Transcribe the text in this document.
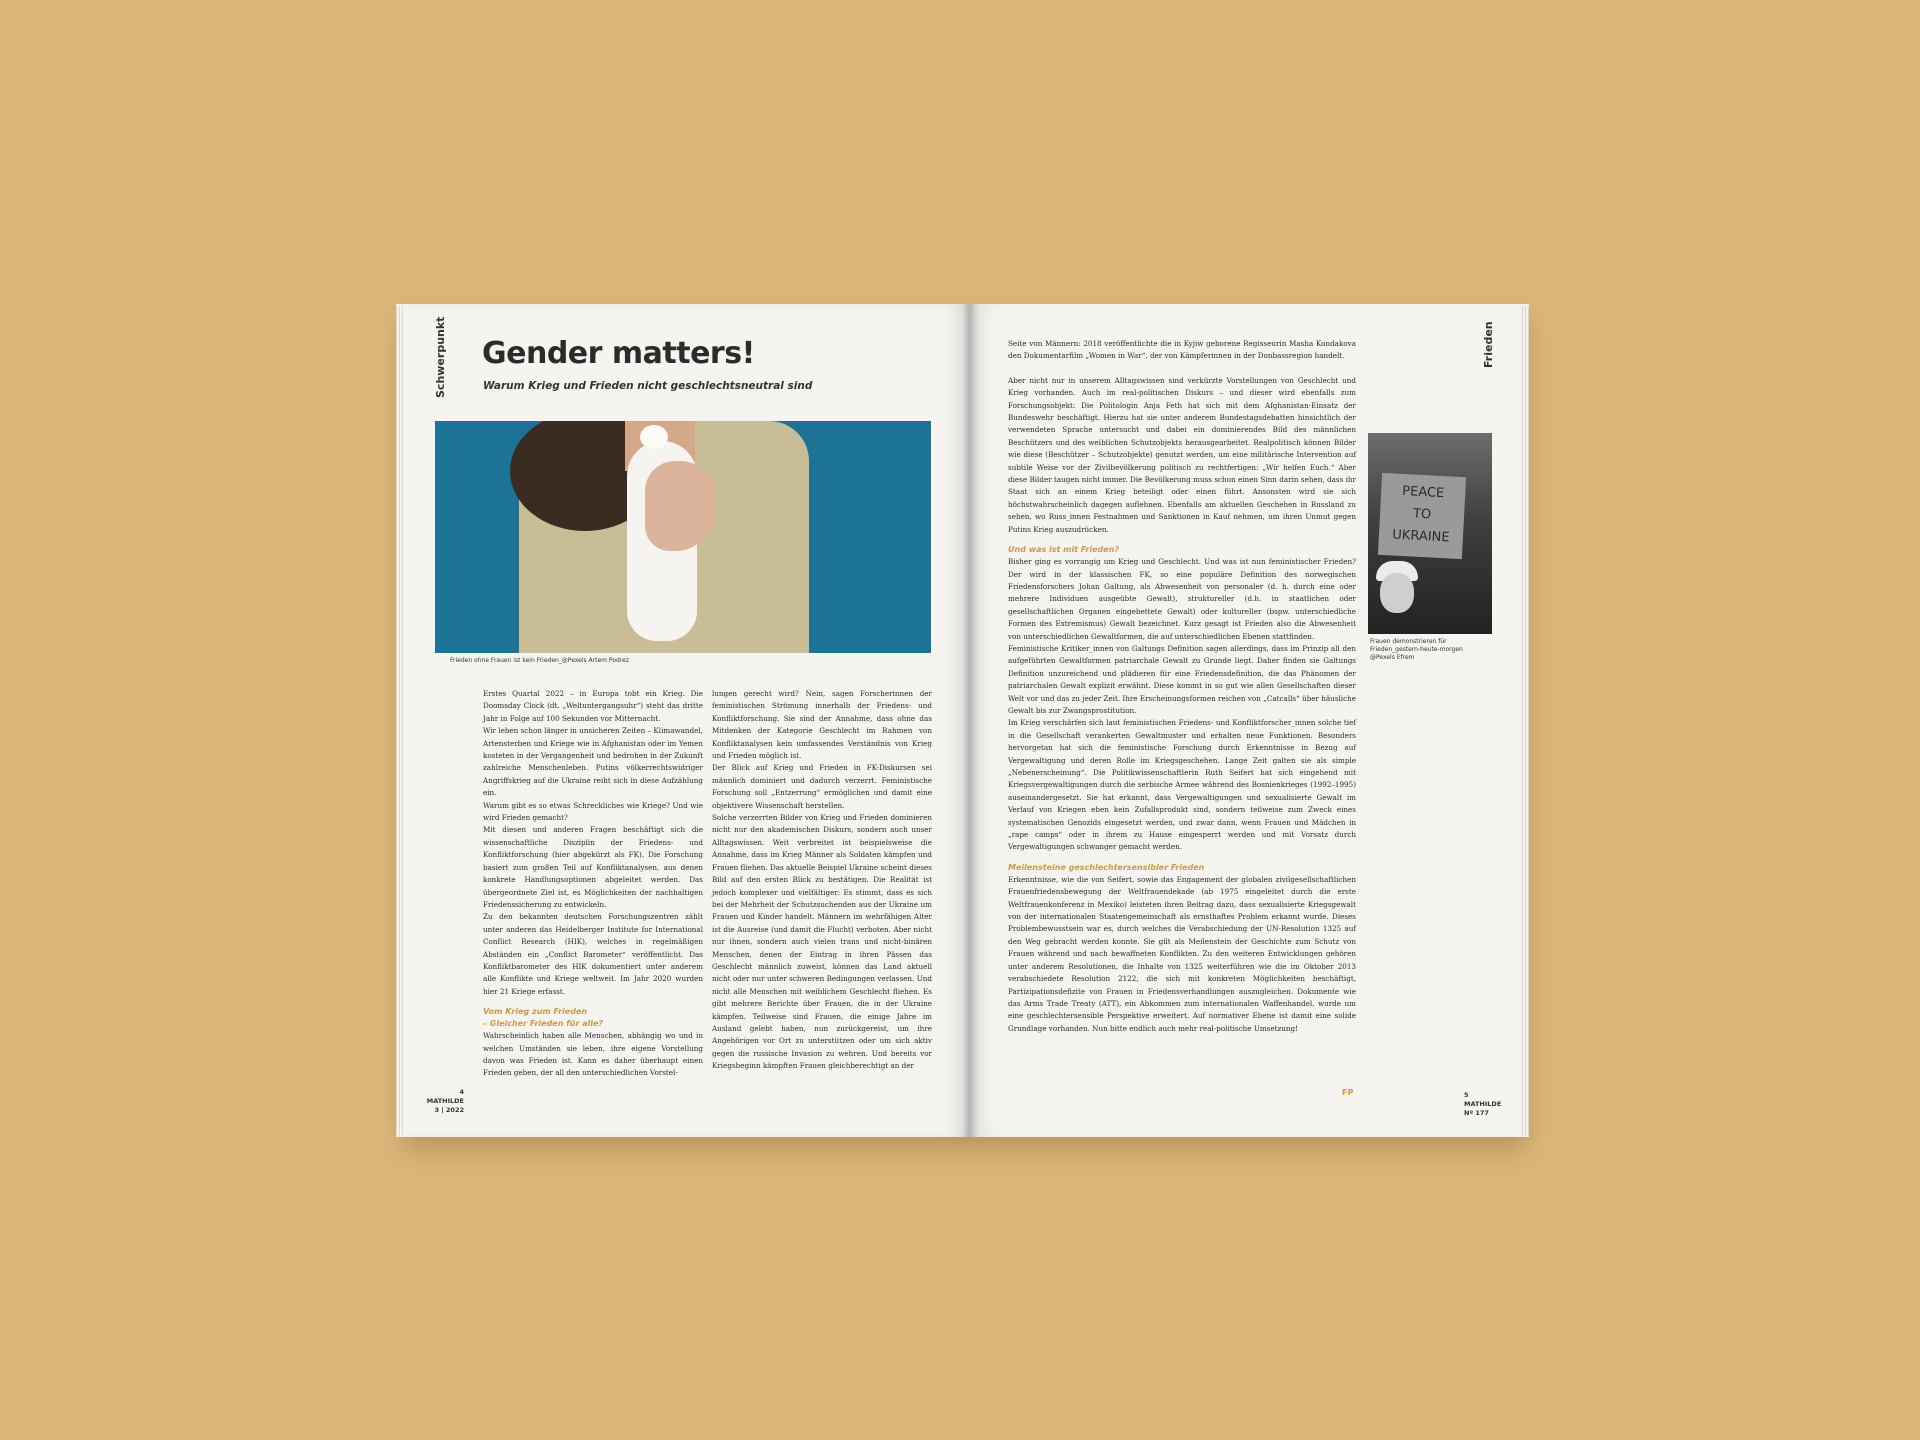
Schwerpunkt Gender matters!
Warum Krieg und Frieden nicht geschlechtsneutral sind
Frieden ohne Frauen ist kein Frieden_@Pexels Artem Podrez

Erstes Quartal 2022 – in Europa tobt ein Krieg. Die Doomsday Clock (dt. „Weltuntergangsuhr“) steht das dritte Jahr in Folge auf 100 Sekunden vor Mitternacht.

Wir leben schon länger in unsicheren Zeiten – Klimawandel, Artensterben und Kriege wie in Afghanistan oder im Yemen kosteten in der Vergangenheit und bedrohen in der Zukunft zahlreiche Menschenleben. Putins völkerrechtswidriger Angriffskrieg auf die Ukraine reiht sich in diese Aufzählung ein.

Warum gibt es so etwas Schreckliches wie Kriege? Und wie wird Frieden gemacht?

Mit diesen und anderen Fragen beschäftigt sich die wissenschaftliche Disziplin der Friedens- und Konfliktforschung (hier abgekürzt als FK). Die Forschung basiert zum großen Teil auf Konfliktanalysen, aus denen konkrete Handlungsoptionen abgeleitet werden. Das übergeordnete Ziel ist, es Möglichkeiten der nachhaltigen Friedenssicherung zu entwickeln.

Zu den bekannten deutschen Forschungszentren zählt unter anderen das Heidelberger Institute for International Conflict Research (HIK), welches in regelmäßigen Abständen ein „Conflict Barometer“ veröffentlicht. Das Konfliktbarometer des HIK dokumentiert unter anderem alle Konflikte und Kriege weltweit. Im Jahr 2020 wurden hier 21 Kriege erfasst.

Vom Krieg zum Frieden
– Gleicher Frieden für alle?

Wahrscheinlich haben alle Menschen, abhängig wo und in welchen Umständen sie leben, ihre eigene Vorstellung davon was Frieden ist. Kann es daher überhaupt einen Frieden geben, der all den unterschiedlichen Vorstel-

lungen gerecht wird? Nein, sagen Forscherinnen der feministischen Strömung innerhalb der Friedens- und Konfliktforschung. Sie sind der Annahme, dass ohne das Mitdenken der Kategorie Geschlecht im Rahmen von Konfliktanalysen kein umfassendes Verständnis von Krieg und Frieden möglich ist.

Der Blick auf Krieg und Frieden in FK-Diskursen sei männlich dominiert und dadurch verzerrt. Feministische Forschung soll „Entzerrung“ ermöglichen und damit eine objektivere Wissenschaft herstellen.

Solche verzerrten Bilder von Krieg und Frieden dominieren nicht nur den akademischen Diskurs, sondern auch unser Alltagswissen. Weit verbreitet ist beispielsweise die Annahme, dass im Krieg Männer als Soldaten kämpfen und Frauen fliehen. Das aktuelle Beispiel Ukraine scheint dieses Bild auf den ersten Blick zu bestätigen. Die Realität ist jedoch komplexer und vielfältiger: Es stimmt, dass es sich bei der Mehrheit der Schutzsuchenden aus der Ukraine um Frauen und Kinder handelt. Männern im wehrfähigen Alter ist die Ausreise (und damit die Flucht) verboten. Aber nicht nur ihnen, sondern auch vielen trans und nicht-binären Menschen, denen der Eintrag in ihren Pässen das Geschlecht männlich zuweist, können das Land aktuell nicht oder nur unter schweren Bedingungen verlassen. Und nicht alle Menschen mit weiblichem Geschlecht fliehen. Es gibt mehrere Berichte über Frauen, die in der Ukraine kämpfen. Teilweise sind Frauen, die einige Jahre im Ausland gelebt haben, nun zurückgereist, um ihre Angehörigen vor Ort zu unterstützen oder um sich aktiv gegen die russische Invasion zu wehren. Und bereits vor Kriegsbeginn kämpften Frauen gleichberechtigt an der

4
MATHILDE
3 | 2022
Frieden

Seite von Männern: 2018 veröffentlichte die in Kyjiw geborene Regisseurin Masha Kondakova den Dokumentarfilm „Women in War“, der von Kämpferinnen in der Donbassregion handelt.

Aber nicht nur in unserem Alltagswissen sind verkürzte Vorstellungen von Geschlecht und Krieg vorhanden. Auch im real-politischen Diskurs – und dieser wird ebenfalls zum Forschungsobjekt: Die Politologin Anja Feth hat sich mit dem Afghanistan-Einsatz der Bundeswehr beschäftigt. Hierzu hat sie unter anderem Bundestagsdebatten hinsichtlich der verwendeten Sprache untersucht und dabei ein dominierendes Bild des männlichen Beschützers und des weiblichen Schutzobjekts herausgearbeitet. Realpolitisch können Bilder wie diese (Beschützer – Schutzobjekte) genutzt werden, um eine militärische Intervention auf subtile Weise vor der Zivilbevölkerung politisch zu rechtfertigen: „Wir helfen Euch.“ Aber diese Bilder taugen nicht immer. Die Bevölkerung muss schon einen Sinn darin sehen, dass ihr Staat sich an einem Krieg beteiligt oder einen führt. Ansonsten wird sie sich höchstwahrscheinlich dagegen auflehnen. Ebenfalls am aktuellen Geschehen in Russland zu sehen, wo Russ_innen Festnahmen und Sanktionen in Kauf nehmen, um ihren Unmut gegen Putins Krieg auszudrücken.

Und was ist mit Frieden?

Bisher ging es vorrangig um Krieg und Geschlecht. Und was ist nun feministischer Frieden? Der wird in der klassischen FK, so eine populäre Definition des norwegischen Friedensforschers Johan Galtung, als Abwesenheit von personaler (d. h. durch eine oder mehrere Individuen ausgeübte Gewalt), struktureller (d.h. in staatlichen oder gesellschaftlichen Organen eingebettete Gewalt) oder kultureller (bspw. unterschiedliche Formen des Extremismus) Gewalt bezeichnet. Kurz gesagt ist Frieden also die Abwesenheit von unterschiedlichen Gewaltformen, die auf unterschiedlichen Ebenen stattfinden.

Feministische Kritiker_innen von Galtungs Definition sagen allerdings, dass im Prinzip all den aufgeführten Gewaltformen patriarchale Gewalt zu Grunde liegt. Daher finden sie Galtungs Definition unzureichend und plädieren für eine Friedensdefinition, die das Phänomen der patriarchalen Gewalt explizit erwähnt. Diese kommt in so gut wie allen Gesellschaften dieser Welt vor und das zu jeder Zeit. Ihre Erscheinungsformen reichen von „Catcalls“ über häusliche Gewalt bis zur Zwangsprostitution.

Im Krieg verschärfen sich laut feministischen Friedens- und Konfliktforscher_innen solche tief in die Gesellschaft verankerten Gewaltmuster und erhalten neue Funktionen. Besonders hervorgetan hat sich die feministische Forschung durch Erkenntnisse in Bezug auf Vergewaltigung und deren Rolle im Kriegsgeschehen. Lange Zeit galten sie als simple „Nebenerscheinung“. Die Politikwissenschaftlerin Ruth Seifert hat sich eingehend mit Kriegsvergewaltigungen durch die serbische Armee während des Bosnienkrieges (1992–1995) auseinandergesetzt. Sie hat erkannt, dass Vergewaltigungen und sexualisierte Gewalt im Verlauf von Kriegen eben kein Zufallsprodukt sind, sondern teilweise zum Zweck eines systematischen Genozids eingesetzt werden, und zwar dann, wenn Frauen und Mädchen in „rape camps“ oder in ihrem zu Hause eingesperrt werden und mit Vorsatz durch Vergewaltigungen schwanger gemacht werden.

Meilensteine geschlechtersensibler Frieden

Erkenntnisse, wie die von Seifert, sowie das Engagement der globalen zivilgesellschaftlichen Frauenfriedensbewegung der Weltfrauendekade (ab 1975 eingeleitet durch die erste Weltfrauenkonferenz in Mexiko) leisteten ihren Beitrag dazu, dass sexualisierte Kriegsgewalt von der internationalen Staatengemeinschaft als ernsthaftes Problem erkannt wurde. Dieses Problembewusstsein war es, durch welches die Verabschiedung der UN-Resolution 1325 auf den Weg gebracht werden konnte. Sie gilt als Meilenstein der Geschichte zum Schutz von Frauen während und nach bewaffneten Konflikten. Zu den weiteren Entwicklungen gehören unter anderem Resolutionen, die Inhalte von 1325 weiterführen wie die im Oktober 2013 verabschiedete Resolution 2122, die sich mit konkreten Möglichkeiten beschäftigt, Partizipationsdefizite von Frauen in Friedensverhandlungen auszugleichen. Dokumente wie das Arms Trade Treaty (ATT), ein Abkommen zum internationalen Waffenhandel, wurde um eine geschlechtersensible Perspektive erweitert. Auf normativer Ebene ist damit eine solide Grundlage vorhanden. Nun bitte endlich auch mehr real-politische Umsetzung!

PEACE
TO
UKRAINE
Frauen demonstrieren für
Frieden_gestern-heute-morgen
@Pexels Efrem
FP	5
MATHILDE
Nº 177
